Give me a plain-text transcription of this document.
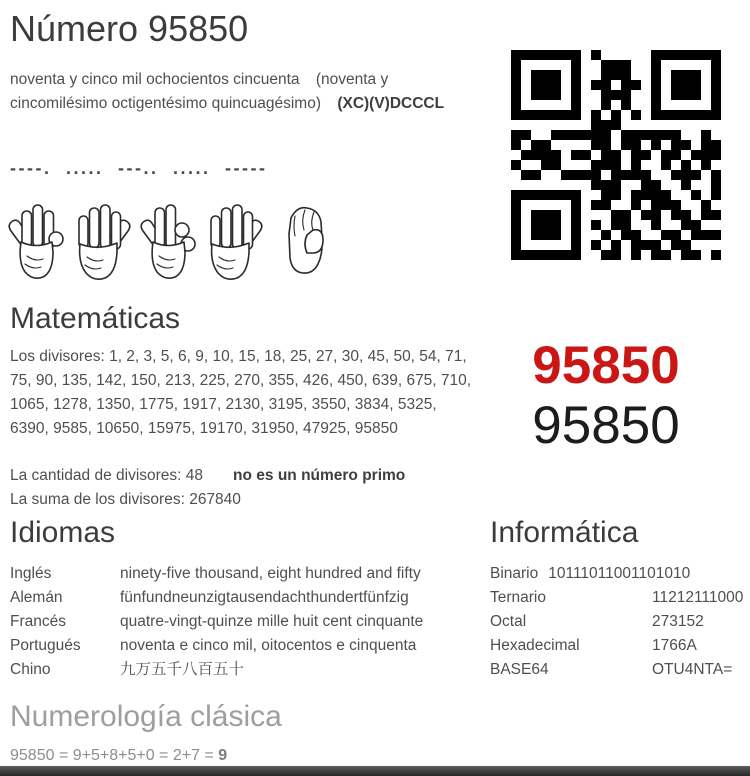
Número 95850

noventa y cinco mil ochocientos cincuenta (noventa y cincomilésimo octigentésimo quincuagésimo) (XC)(V)DCCCL

----. ..... ---.. ..... -----
Matemáticas

Los divisores: 1, 2, 3, 5, 6, 9, 10, 15, 18, 25, 27, 30, 45, 50, 54, 71, 75, 90, 135, 142, 150, 213, 225, 270, 355, 426, 450, 639, 675, 710, 1065, 1278, 1350, 1775, 1917, 2130, 3195, 3550, 3834, 5325, 6390, 9585, 10650, 15975, 19170, 31950, 47925, 95850

La cantidad de divisores: 48 no es un número primo

La suma de los divisores: 267840

95850
95850
Idiomas
Inglés	ninety-five thousand, eight hundred and fifty
Alemán	fünfundneunzigtausendachthundertfünfzig
Francés	quatre-vingt-quinze mille huit cent cinquante
Portugués	noventa e cinco mil, oitocentos e cinquenta
Chino	九万五千八百五十
Informática
Binario 10111011001101010
Ternario	11212111000
Octal	273152
Hexadecimal	1766A
BASE64	OTU4NTA=
Numerología clásica

95850 = 9+5+8+5+0 = 2+7 = 9
